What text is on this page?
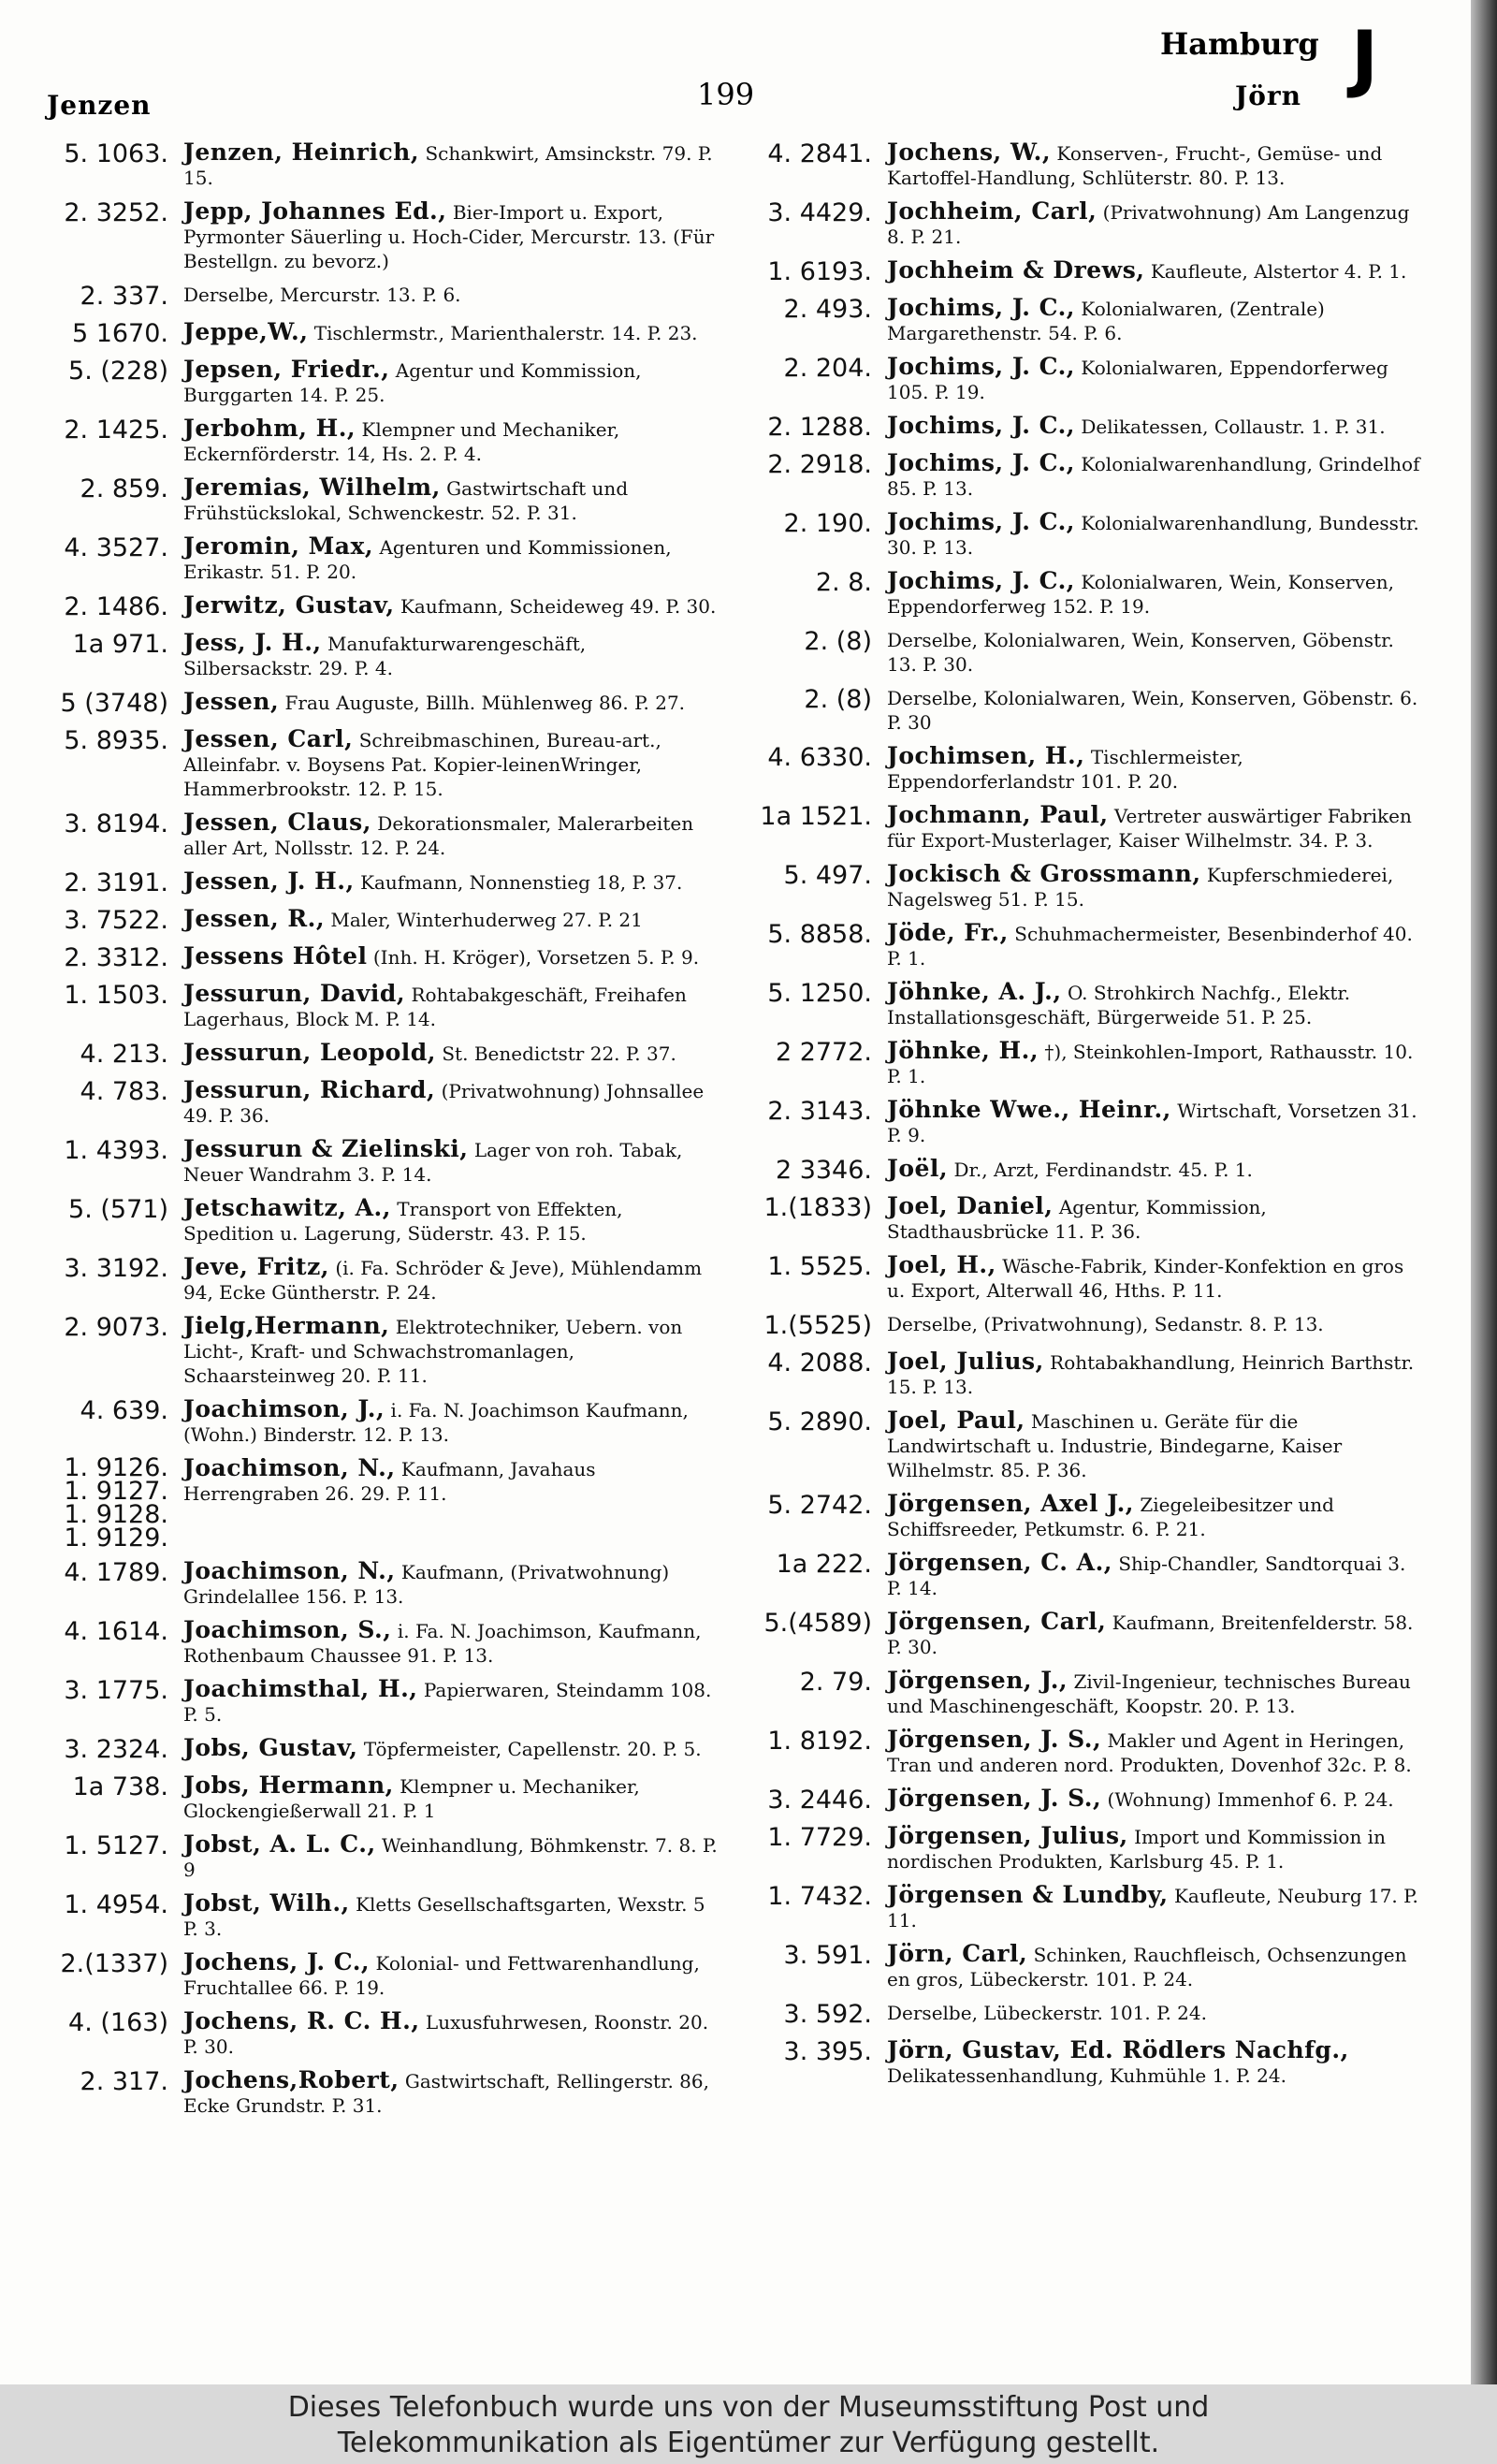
Jenzen	199
Hamburg
Jörn J
5. 1063. Jenzen, Heinrich, Schankwirt, Amsinckstr. 79. P. 15.
2. 3252. Jepp, Johannes Ed., Bier-Import u. Export, Pyrmonter Säuerling u. Hoch-Cider, Mercurstr. 13. (Für Bestellgn. zu bevorz.)
2. 337. Derselbe, Mercurstr. 13. P. 6.
5 1670. Jeppe,W., Tischlermstr., Marienthalerstr. 14. P. 23.
5. (228) Jepsen, Friedr., Agentur und Kommission, Burggarten 14. P. 25.
2. 1425. Jerbohm, H., Klempner und Mechaniker, Eckernförderstr. 14, Hs. 2. P. 4.
2. 859. Jeremias, Wilhelm, Gastwirtschaft und Frühstückslokal, Schwenckestr. 52. P. 31.
4. 3527. Jeromin, Max, Agenturen und Kommissionen, Erikastr. 51. P. 20.
2. 1486. Jerwitz, Gustav, Kaufmann, Scheideweg 49. P. 30.
1a 971. Jess, J. H., Manufakturwarengeschäft, Silbersackstr. 29. P. 4.
5 (3748) Jessen, Frau Auguste, Billh. Mühlenweg 86. P. 27.
5. 8935. Jessen, Carl, Schreibmaschinen, Bureau-art., Alleinfabr. v. Boysens Pat. Kopier-leinenWringer, Hammerbrookstr. 12. P. 15.
3. 8194. Jessen, Claus, Dekorationsmaler, Malerarbeiten aller Art, Nollsstr. 12. P. 24.
2. 3191. Jessen, J. H., Kaufmann, Nonnenstieg 18, P. 37.
3. 7522. Jessen, R., Maler, Winterhuderweg 27. P. 21
2. 3312. Jessens Hôtel (Inh. H. Kröger), Vorsetzen 5. P. 9.
1. 1503. Jessurun, David, Rohtabakgeschäft, Freihafen Lagerhaus, Block M. P. 14.
4. 213. Jessurun, Leopold, St. Benedictstr 22. P. 37.
4. 783. Jessurun, Richard, (Privatwohnung) Johnsallee 49. P. 36.
1. 4393. Jessurun & Zielinski, Lager von roh. Tabak, Neuer Wandrahm 3. P. 14.
5. (571) Jetschawitz, A., Transport von Effekten, Spedition u. Lagerung, Süderstr. 43. P. 15.
3. 3192. Jeve, Fritz, (i. Fa. Schröder & Jeve), Mühlendamm 94, Ecke Güntherstr. P. 24.
2. 9073. Jielg,Hermann, Elektrotechniker, Uebern. von Licht-, Kraft- und Schwachstromanlagen, Schaarsteinweg 20. P. 11.
4. 639. Joachimson, J., i. Fa. N. Joachimson Kaufmann, (Wohn.) Binderstr. 12. P. 13.
1. 9126.
1. 9127.
1. 9128.
1. 9129.
Joachimson, N., Kaufmann, Javahaus Herrengraben 26. 29. P. 11.
4. 1789. Joachimson, N., Kaufmann, (Privatwohnung) Grindelallee 156. P. 13.
4. 1614. Joachimson, S., i. Fa. N. Joachimson, Kaufmann, Rothenbaum Chaussee 91. P. 13.
3. 1775. Joachimsthal, H., Papierwaren, Steindamm 108. P. 5.
3. 2324. Jobs, Gustav, Töpfermeister, Capellenstr. 20. P. 5.
1a 738. Jobs, Hermann, Klempner u. Mechaniker, Glockengießerwall 21. P. 1
1. 5127. Jobst, A. L. C., Weinhandlung, Böhmkenstr. 7. 8. P. 9
1. 4954. Jobst, Wilh., Kletts Gesellschaftsgarten, Wexstr. 5 P. 3.
2.(1337) Jochens, J. C., Kolonial- und Fettwarenhandlung, Fruchtallee 66. P. 19.
4. (163) Jochens, R. C. H., Luxusfuhrwesen, Roonstr. 20. P. 30.
2. 317. Jochens,Robert, Gastwirtschaft, Rellingerstr. 86, Ecke Grundstr. P. 31.
4. 2841. Jochens, W., Konserven-, Frucht-, Gemüse- und Kartoffel-Handlung, Schlüterstr. 80. P. 13.
3. 4429. Jochheim, Carl, (Privatwohnung) Am Langenzug 8. P. 21.
1. 6193. Jochheim & Drews, Kaufleute, Alstertor 4. P. 1.
2. 493. Jochims, J. C., Kolonialwaren, (Zentrale) Margarethenstr. 54. P. 6.
2. 204. Jochims, J. C., Kolonialwaren, Eppendorferweg 105. P. 19.
2. 1288. Jochims, J. C., Delikatessen, Collaustr. 1. P. 31.
2. 2918. Jochims, J. C., Kolonialwarenhandlung, Grindelhof 85. P. 13.
2. 190. Jochims, J. C., Kolonialwarenhandlung, Bundesstr. 30. P. 13.
2. 8. Jochims, J. C., Kolonialwaren, Wein, Konserven, Eppendorferweg 152. P. 19.
2. (8) Derselbe, Kolonialwaren, Wein, Konserven, Göbenstr. 13. P. 30.
2. (8) Derselbe, Kolonialwaren, Wein, Konserven, Göbenstr. 6. P. 30
4. 6330. Jochimsen, H., Tischlermeister, Eppendorferlandstr 101. P. 20.
1a 1521. Jochmann, Paul, Vertreter auswärtiger Fabriken für Export-Musterlager, Kaiser Wilhelmstr. 34. P. 3.
5. 497. Jockisch & Grossmann, Kupferschmiederei, Nagelsweg 51. P. 15.
5. 8858. Jöde, Fr., Schuhmachermeister, Besenbinderhof 40. P. 1.
5. 1250. Jöhnke, A. J., O. Strohkirch Nachfg., Elektr. Installationsgeschäft, Bürgerweide 51. P. 25.
2 2772. Jöhnke, H., †), Steinkohlen-Import, Rathausstr. 10. P. 1.
2. 3143. Jöhnke Wwe., Heinr., Wirtschaft, Vorsetzen 31. P. 9.
2 3346. Joël, Dr., Arzt, Ferdinandstr. 45. P. 1.
1.(1833) Joel, Daniel, Agentur, Kommission, Stadthausbrücke 11. P. 36.
1. 5525. Joel, H., Wäsche-Fabrik, Kinder-Konfektion en gros u. Export, Alterwall 46, Hths. P. 11.
1.(5525) Derselbe, (Privatwohnung), Sedanstr. 8. P. 13.
4. 2088. Joel, Julius, Rohtabakhandlung, Heinrich Barthstr. 15. P. 13.
5. 2890. Joel, Paul, Maschinen u. Geräte für die Landwirtschaft u. Industrie, Bindegarne, Kaiser Wilhelmstr. 85. P. 36.
5. 2742. Jörgensen, Axel J., Ziegeleibesitzer und Schiffsreeder, Petkumstr. 6. P. 21.
1a 222. Jörgensen, C. A., Ship-Chandler, Sandtorquai 3. P. 14.
5.(4589) Jörgensen, Carl, Kaufmann, Breitenfelderstr. 58. P. 30.
2. 79. Jörgensen, J., Zivil-Ingenieur, technisches Bureau und Maschinengeschäft, Koopstr. 20. P. 13.
1. 8192. Jörgensen, J. S., Makler und Agent in Heringen, Tran und anderen nord. Produkten, Dovenhof 32c. P. 8.
3. 2446. Jörgensen, J. S., (Wohnung) Immenhof 6. P. 24.
1. 7729. Jörgensen, Julius, Import und Kommission in nordischen Produkten, Karlsburg 45. P. 1.
1. 7432. Jörgensen & Lundby, Kaufleute, Neuburg 17. P. 11.
3. 591. Jörn, Carl, Schinken, Rauchfleisch, Ochsenzungen en gros, Lübeckerstr. 101. P. 24.
3. 592. Derselbe, Lübeckerstr. 101. P. 24.
3. 395. Jörn, Gustav, Ed. Rödlers Nachfg., Delikatessenhandlung, Kuhmühle 1. P. 24.
Dieses Telefonbuch wurde uns von der Museumsstiftung Post und
Telekommunikation als Eigentümer zur Verfügung gestellt.
